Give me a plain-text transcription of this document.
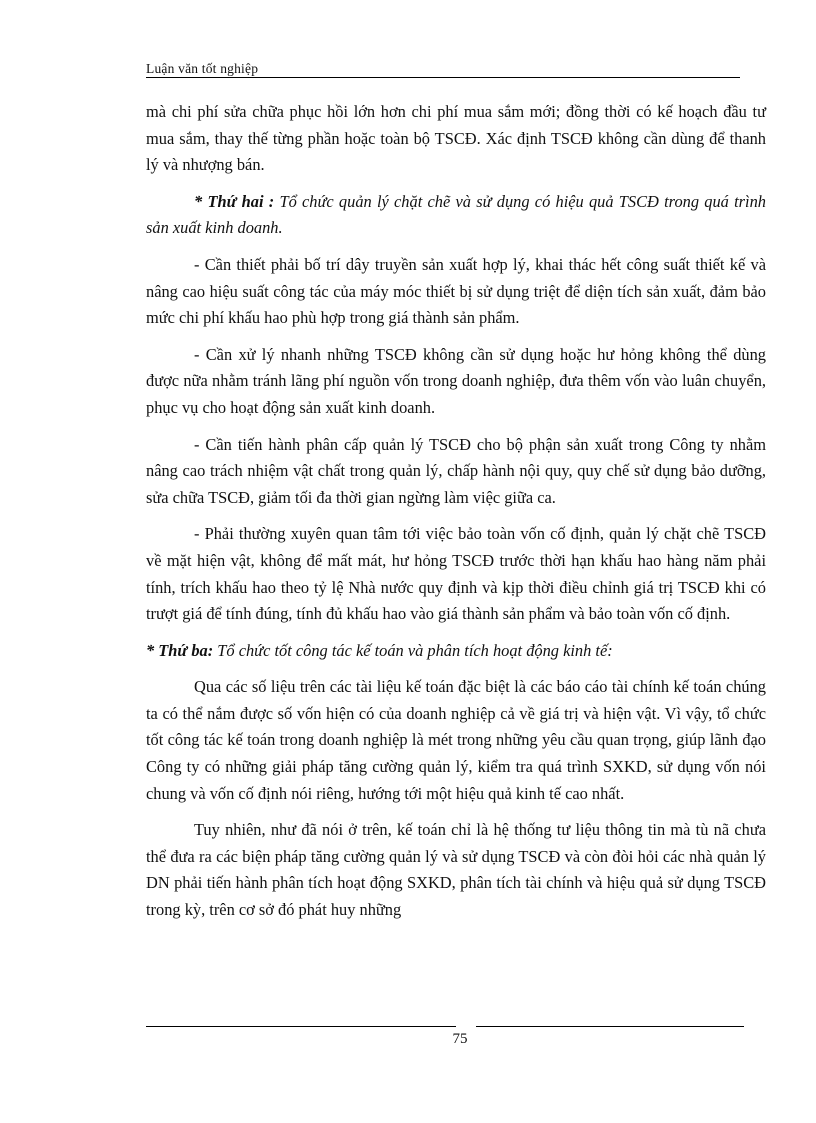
Luận văn tốt nghiệp

mà chi phí sửa chữa phục hồi lớn hơn chi phí mua sắm mới; đồng thời có kế hoạch đầu tư mua sắm, thay thế từng phần hoặc toàn bộ TSCĐ. Xác định TSCĐ không cần dùng để thanh lý và nhượng bán.

* Thứ hai : Tổ chức quản lý chặt chẽ và sử dụng có hiệu quả TSCĐ trong quá trình sản xuất kinh doanh.

- Cần thiết phải bố trí dây truyền sản xuất hợp lý, khai thác hết công suất thiết kế và nâng cao hiệu suất công tác của máy móc thiết bị sử dụng triệt để diện tích sản xuất, đảm bảo mức chi phí khấu hao phù hợp trong giá thành sản phẩm.

- Cần xử lý nhanh những TSCĐ không cần sử dụng hoặc hư hỏng không thể dùng được nữa nhằm tránh lãng phí nguồn vốn trong doanh nghiệp, đưa thêm vốn vào luân chuyển, phục vụ cho hoạt động sản xuất kinh doanh.

- Cần tiến hành phân cấp quản lý TSCĐ cho bộ phận sản xuất trong Công ty nhằm nâng cao trách nhiệm vật chất trong quản lý, chấp hành nội quy, quy chế sử dụng bảo dưỡng, sửa chữa TSCĐ, giảm tối đa thời gian ngừng làm việc giữa ca.

- Phải thường xuyên quan tâm tới việc bảo toàn vốn cố định, quản lý chặt chẽ TSCĐ về mặt hiện vật, không để mất mát, hư hỏng TSCĐ trước thời hạn khấu hao hàng năm phải tính, trích khấu hao theo tỷ lệ Nhà nước quy định và kịp thời điều chỉnh giá trị TSCĐ khi có trượt giá để tính đúng, tính đủ khấu hao vào giá thành sản phẩm và bảo toàn vốn cố định.

* Thứ ba: Tổ chức tốt công tác kế toán và phân tích hoạt động kinh tế:

Qua các số liệu trên các tài liệu kế toán đặc biệt là các báo cáo tài chính kế toán chúng ta có thể nắm được số vốn hiện có của doanh nghiệp cả về giá trị và hiện vật. Vì vậy, tổ chức tốt công tác kế toán trong doanh nghiệp là mét trong những yêu cầu quan trọng, giúp lãnh đạo Công ty có những giải pháp tăng cường quản lý, kiểm tra quá trình SXKD, sử dụng vốn nói chung và vốn cố định nói riêng, hướng tới một hiệu quả kinh tế cao nhất.

Tuy nhiên, như đã nói ở trên, kế toán chỉ là hệ thống tư liệu thông tin mà tù nã chưa thể đưa ra các biện pháp tăng cường quản lý và sử dụng TSCĐ và còn đòi hỏi các nhà quản lý DN phải tiến hành phân tích hoạt động SXKD, phân tích tài chính và hiệu quả sử dụng TSCĐ trong kỳ, trên cơ sở đó phát huy những

75
